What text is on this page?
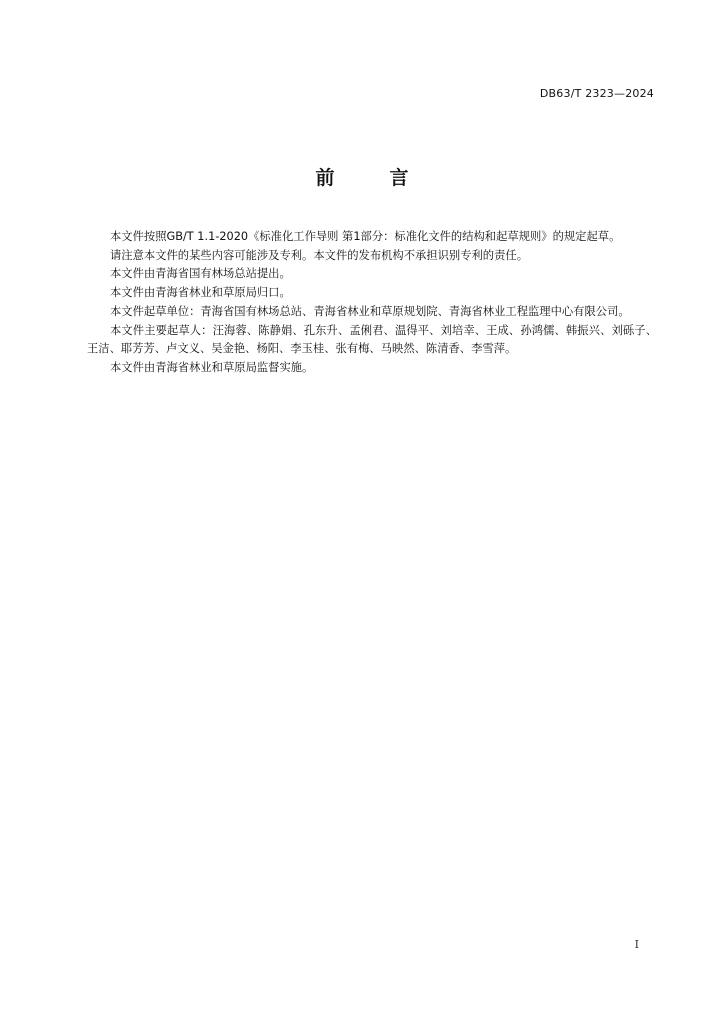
DB63/T 2323—2024
前　言

本文件按照GB/T 1.1-2020《标准化工作导则 第1部分：标准化文件的结构和起草规则》的规定起草。

请注意本文件的某些内容可能涉及专利。本文件的发布机构不承担识别专利的责任。

本文件由青海省国有林场总站提出。

本文件由青海省林业和草原局归口。

本文件起草单位：青海省国有林场总站、青海省林业和草原规划院、青海省林业工程监理中心有限公司。

本文件主要起草人：汪海蓉、陈静娟、孔东升、孟俐君、温得平、刘培幸、王成、孙鸿儒、韩振兴、刘砾子、王洁、耶芳芳、卢文义、吴金艳、杨阳、李玉桂、张有梅、马映然、陈清香、李雪萍。

本文件由青海省林业和草原局监督实施。

I
